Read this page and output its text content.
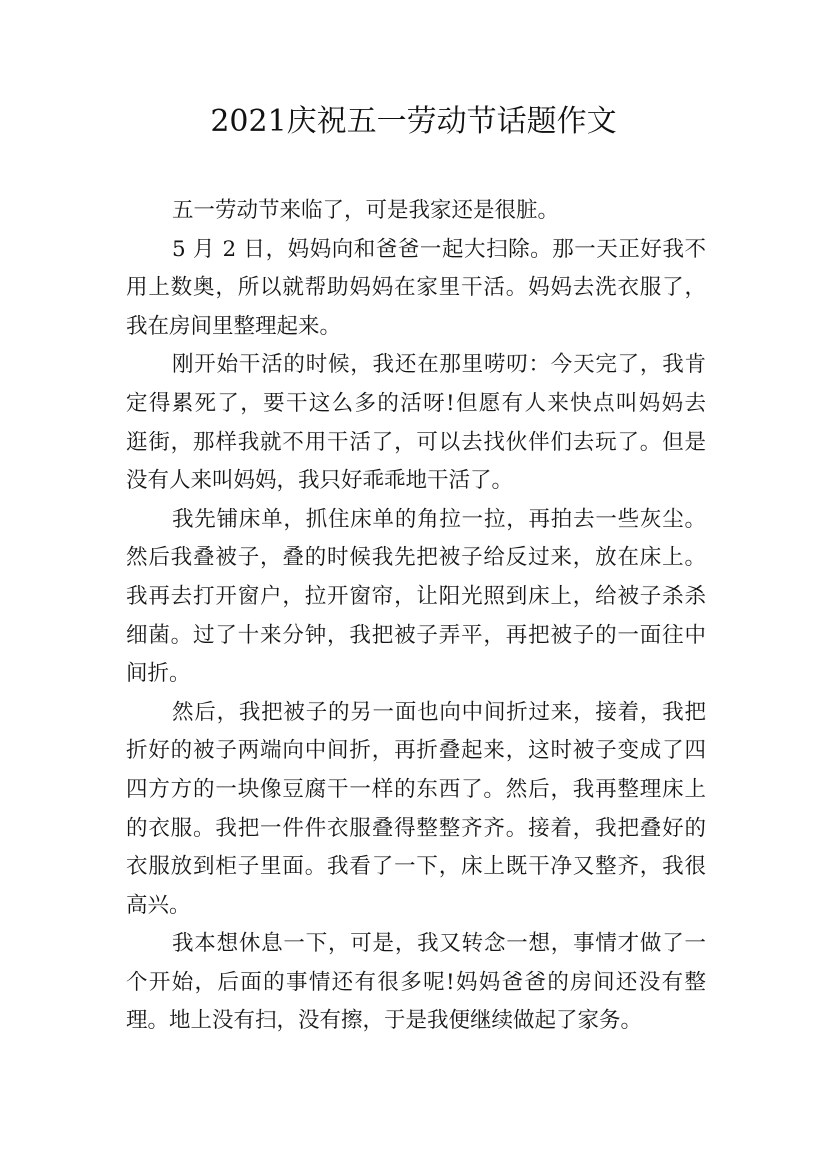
2021庆祝五一劳动节话题作文
五一劳动节来临了，可是我家还是很脏。
5 月 2 日，妈妈向和爸爸一起大扫除。那一天正好我不
用上数奥，所以就帮助妈妈在家里干活。妈妈去洗衣服了，
我在房间里整理起来。
刚开始干活的时候，我还在那里唠叨：今天完了，我肯
定得累死了，要干这么多的活呀!但愿有人来快点叫妈妈去
逛街，那样我就不用干活了，可以去找伙伴们去玩了。但是
没有人来叫妈妈，我只好乖乖地干活了。
我先铺床单，抓住床单的角拉一拉，再拍去一些灰尘。
然后我叠被子，叠的时候我先把被子给反过来，放在床上。
我再去打开窗户，拉开窗帘，让阳光照到床上，给被子杀杀
细菌。过了十来分钟，我把被子弄平，再把被子的一面往中
间折。
然后，我把被子的另一面也向中间折过来，接着，我把
折好的被子两端向中间折，再折叠起来，这时被子变成了四
四方方的一块像豆腐干一样的东西了。然后，我再整理床上
的衣服。我把一件件衣服叠得整整齐齐。接着，我把叠好的
衣服放到柜子里面。我看了一下，床上既干净又整齐，我很
高兴。
我本想休息一下，可是，我又转念一想，事情才做了一
个开始，后面的事情还有很多呢!妈妈爸爸的房间还没有整
理。地上没有扫，没有擦，于是我便继续做起了家务。
